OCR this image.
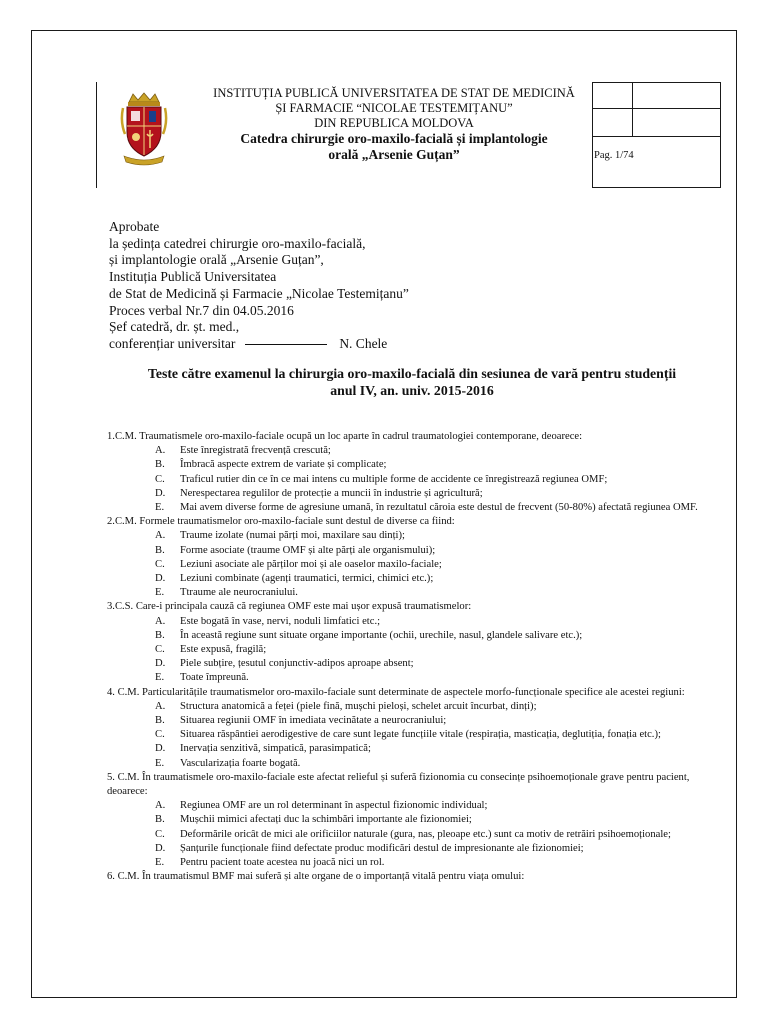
INSTITUȚIA PUBLICĂ UNIVERSITATEA DE STAT DE MEDICINĂ
ȘI FARMACIE “NICOLAE TESTEMIȚANU”
DIN REPUBLICA MOLDOVA
Catedra chirurgie oro-maxilo-facială și implantologie
orală „Arsenie Guțan”	Pag. 1/74
Aprobate
la ședința catedrei chirurgie oro-maxilo-facială,
și implantologie orală „Arsenie Guțan”,
Instituția Publică Universitatea
de Stat de Medicină și Farmacie „Nicolae Testemițanu”
Proces verbal Nr.7 din 04.05.2016
Șef catedră, dr. șt. med.,
conferențiar universitar	N. Chele
Teste către examenul la chirurgia oro-maxilo-facială din sesiunea de vară pentru studenții
anul IV, an. univ. 2015-2016
1.C.M. Traumatismele oro-maxilo-faciale ocupă un loc aparte în cadrul traumatologiei contemporane, deoarece:
A.	Este înregistrată frecvență crescută;
B.	Îmbracă aspecte extrem de variate și complicate;
C.	Traficul rutier din ce în ce mai intens cu multiple forme de accidente ce înregistrează regiunea OMF;
D.	Nerespectarea regulilor de protecție a muncii în industrie și agricultură;
E.	Mai avem diverse forme de agresiune umană, în rezultatul căroia este destul de frecvent (50-80%) afectată regiunea OMF.
2.C.M. Formele traumatismelor oro-maxilo-faciale sunt destul de diverse ca fiind:
A.	Traume izolate (numai părți moi, maxilare sau dinți);
B.	Forme asociate (traume OMF și alte părți ale organismului);
C.	Leziuni asociate ale părților moi și ale oaselor maxilo-faciale;
D.	Leziuni combinate (agenți traumatici, termici, chimici etc.);
E.	Ttraume ale neurocraniului.
3.C.S. Care-i principala cauză că regiunea OMF este mai ușor expusă traumatismelor:
A.	Este bogată în vase, nervi, noduli limfatici etc.;
B.	În această regiune sunt situate organe importante (ochii, urechile, nasul, glandele salivare etc.);
C.	Este expusă, fragilă;
D.	Piele subțire, țesutul conjunctiv-adipos aproape absent;
E.	Toate împreună.
4. C.M. Particularitățile traumatismelor oro-maxilo-faciale sunt determinate de aspectele morfo-funcționale specifice ale acestei regiuni:
A.	Structura anatomică a feței (piele fină, mușchi pieloși, schelet arcuit încurbat, dinți);
B.	Situarea regiunii OMF în imediata vecinătate a neurocraniului;
C.	Situarea răspântiei aerodigestive de care sunt legate funcțiile vitale (respirația, masticația, deglutiția, fonația etc.);
D.	Inervația senzitivă, simpatică, parasimpatică;
E.	Vascularizația foarte bogată.
5. C.M. În traumatismele oro-maxilo-faciale este afectat relieful și suferă fizionomia cu consecințe psihoemoționale grave pentru pacient, deoarece:
A.	Regiunea OMF are un rol determinant în aspectul fizionomic individual;
B.	Mușchii mimici afectați duc la schimbări importante ale fizionomiei;
C.	Deformările oricât de mici ale orificiilor naturale (gura, nas, pleoape etc.) sunt ca motiv de retrăiri psihoemoționale;
D.	Șanțurile funcționale fiind defectate produc modificări destul de impresionante ale fizionomiei;
E.	Pentru pacient toate acestea nu joacă nici un rol.
6. C.M. În traumatismul BMF mai suferă și alte organe de o importanță vitală pentru viața omului:
